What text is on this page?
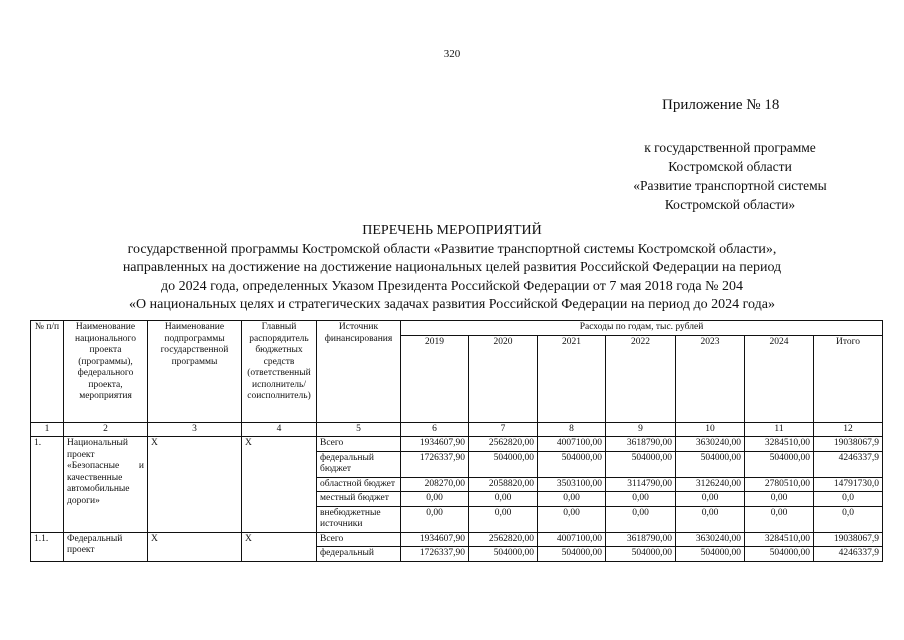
320
Приложение № 18
к государственной программе
Костромской области
«Развитие транспортной системы
Костромской области»
ПЕРЕЧЕНЬ МЕРОПРИЯТИЙ
государственной программы Костромской области «Развитие транспортной системы Костромской области»,
направленных на достижение на достижение национальных целей развития Российской Федерации на период
до 2024 года, определенных Указом Президента Российской Федерации от 7 мая 2018 года № 204
«О национальных целях и стратегических задачах развития Российской Федерации на период до 2024 года»
№ п/п	Наименование национального проекта (программы), федерального проекта, мероприятия	Наименование подпрограммы государственной программы	Главный распорядитель бюджетных средств (ответственный исполнитель/соисполнитель)	Источник финансирования	Расходы по годам, тыс. рублей						
					2019	2020	2021	2022	2023	2024	Итого
1	2	3	4	5	6	7	8	9	10	11	12
1.	Национальный проект «Безопасные и качественные автомобильные дороги»	Х	Х	Всего	1934607,90	2562820,00	4007100,00	3618790,00	3630240,00	3284510,00	19038067,9
				федеральный бюджет	1726337,90	504000,00	504000,00	504000,00	504000,00	504000,00	4246337,9
				областной бюджет	208270,00	2058820,00	3503100,00	3114790,00	3126240,00	2780510,00	14791730,0
				местный бюджет	0,00	0,00	0,00	0,00	0,00	0,00	0,0
				внебюджетные источники	0,00	0,00	0,00	0,00	0,00	0,00	0,0
1.1.	Федеральный проект	Х	Х	Всего	1934607,90	2562820,00	4007100,00	3618790,00	3630240,00	3284510,00	19038067,9
				федеральный	1726337,90	504000,00	504000,00	504000,00	504000,00	504000,00	4246337,9
